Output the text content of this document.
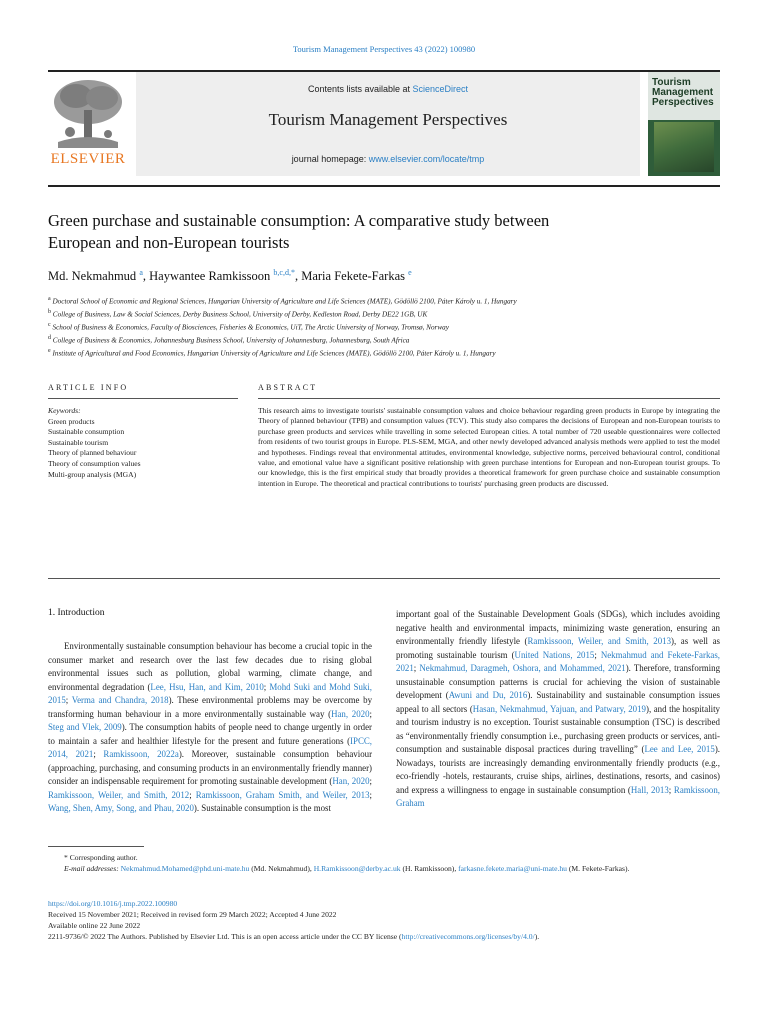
Tourism Management Perspectives 43 (2022) 100980
ELSEVIER
Contents lists available at ScienceDirect
Tourism Management Perspectives
journal homepage: www.elsevier.com/locate/tmp
Tourism Management Perspectives
Green purchase and sustainable consumption: A comparative study between European and non-European tourists
Md. Nekmahmud $^a$, Haywantee Ramkissoon $^{b,c,d,*}$, Maria Fekete-Farkas $^e$
$^a$ Doctoral School of Economic and Regional Sciences, Hungarian University of Agriculture and Life Sciences (MATE), Gödöllö 2100, Páter Károly u. 1, Hungary
$^b$ College of Business, Law & Social Sciences, Derby Business School, University of Derby, Kedleston Road, Derby DE22 1GB, UK
$^c$ School of Business & Economics, Faculty of Biosciences, Fisheries & Economics, UiT, The Arctic University of Norway, Tromsø, Norway
$^d$ College of Business & Economics, Johannesburg Business School, University of Johannesburg, Johannesburg, South Africa
$^e$ Institute of Agricultural and Food Economics, Hungarian University of Agriculture and Life Sciences (MATE), Gödöllö 2100, Páter Károly u. 1, Hungary
ARTICLE INFO	ABSTRACT
Keywords:
Green products
Sustainable consumption
Sustainable tourism
Theory of planned behaviour
Theory of consumption values
Multi-group analysis (MGA)
This research aims to investigate tourists' sustainable consumption values and choice behaviour regarding green products in Europe by integrating the Theory of planned behaviour (TPB) and consumption values (TCV). This study also compares the decisions of European and non-European tourists to purchase green products and services while travelling in some selected European cities. A total number of 720 useable questionnaires were collected from residents of two tourist groups in Europe. PLS-SEM, MGA, and other newly developed advanced analysis methods were applied to test the model and hypotheses. Findings reveal that environmental attitudes, environmental knowledge, subjective norms, perceived behavioural control, conditional value, and emotional value have a significant positive relationship with green purchase intentions for European and non-European tourist groups. To our knowledge, this is the first empirical study that broadly provides a theoretical framework for green purchase choice and sustainable consumption intention in Europe. The theoretical and practical contributions to tourists' purchasing green products are discussed.
1. Introduction

Environmentally sustainable consumption behaviour has become a crucial topic in the consumer market and research over the last few decades due to rising global environmental issues such as pollution, global warming, climate change, and environmental degradation (Lee, Hsu, Han, and Kim, 2010; Mohd Suki and Mohd Suki, 2015; Verma and Chandra, 2018). These environmental problems may be overcome by transforming human behaviour in a more environmentally sustainable way (Han, 2020; Steg and Vlek, 2009). The consumption habits of people need to change urgently in order to maintain a safer and healthier lifestyle for the present and future generations (IPCC, 2014, 2021; Ramkissoon, 2022a). Moreover, sustainable consumption behaviour (approaching, purchasing, and consuming products in an environmentally friendly manner) consider an indispensable requirement for promoting sustainable development (Han, 2020; Ramkissoon, Weiler, and Smith, 2012; Ramkissoon, Graham Smith, and Weiler, 2013; Wang, Shen, Amy, Song, and Phau, 2020). Sustainable consumption is the most

important goal of the Sustainable Development Goals (SDGs), which includes avoiding negative health and environmental impacts, minimizing waste generation, ensuring an environmentally friendly lifestyle (Ramkissoon, Weiler, and Smith, 2013), as well as promoting sustainable tourism (United Nations, 2015; Nekmahmud and Fekete-Farkas, 2021; Nekmahmud, Daragmeh, Oshora, and Mohammed, 2021). Therefore, transforming unsustainable consumption patterns is crucial for achieving the vision of sustainable development (Awuni and Du, 2016). Sustainability and sustainable consumption issues appeal to all sectors (Hasan, Nekmahmud, Yajuan, and Patwary, 2019), and the hospitality and tourism industry is no exception. Tourist sustainable consumption (TSC) is described as “environmentally friendly consumption i.e., purchasing green products or services, anti-consumption and sustainable disposal practices during travelling” (Lee and Lee, 2015). Nowadays, tourists are increasingly demanding environmentally friendly products (e.g., eco-friendly -hotels, restaurants, cruise ships, airlines, destinations, resorts, and casinos) and express a willingness to engage in sustainable consumption (Hall, 2013; Ramkissoon, Graham

* Corresponding author.

E-mail addresses: Nekmahmud.Mohamed@phd.uni-mate.hu (Md. Nekmahmud), H.Ramkissoon@derby.ac.uk (H. Ramkissoon), farkasne.fekete.maria@uni-mate.hu (M. Fekete-Farkas).

https://doi.org/10.1016/j.tmp.2022.100980

Received 15 November 2021; Received in revised form 29 March 2022; Accepted 4 June 2022

Available online 22 June 2022

2211-9736/© 2022 The Authors. Published by Elsevier Ltd. This is an open access article under the CC BY license (http://creativecommons.org/licenses/by/4.0/).
